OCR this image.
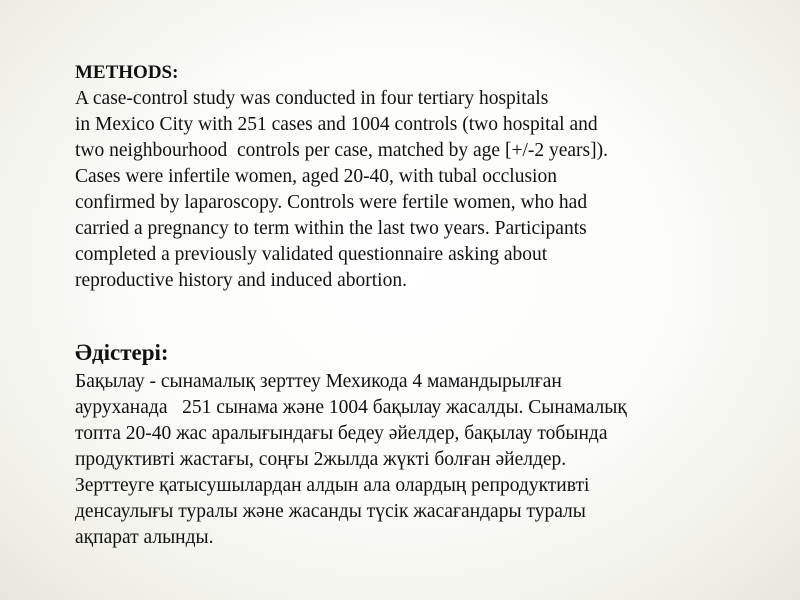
METHODS:
A case-control study was conducted in four tertiary hospitals
in Mexico City with 251 cases and 1004 controls (two hospital and
two neighbourhood  controls per case, matched by age [+/-2 years]).
Cases were infertile women, aged 20-40, with tubal occlusion
confirmed by laparoscopy. Controls were fertile women, who had
carried a pregnancy to term within the last two years. Participants
completed a previously validated questionnaire asking about
reproductive history and induced abortion.
Әдістері:
Бақылау - сынамалық зерттеу Мехикода 4 мамандырылған
ауруханада   251 сынама және 1004 бақылау жасалды. Сынамалық
топта 20-40 жас аралығындағы бедеу әйелдер, бақылау тобында
продуктивті жастағы, соңғы 2жылда жүкті болған әйелдер.
Зерттеуге қатысушылардан алдын ала олардың репродуктивті
денсаулығы туралы және жасанды түсік жасағандары туралы
ақпарат алынды.
